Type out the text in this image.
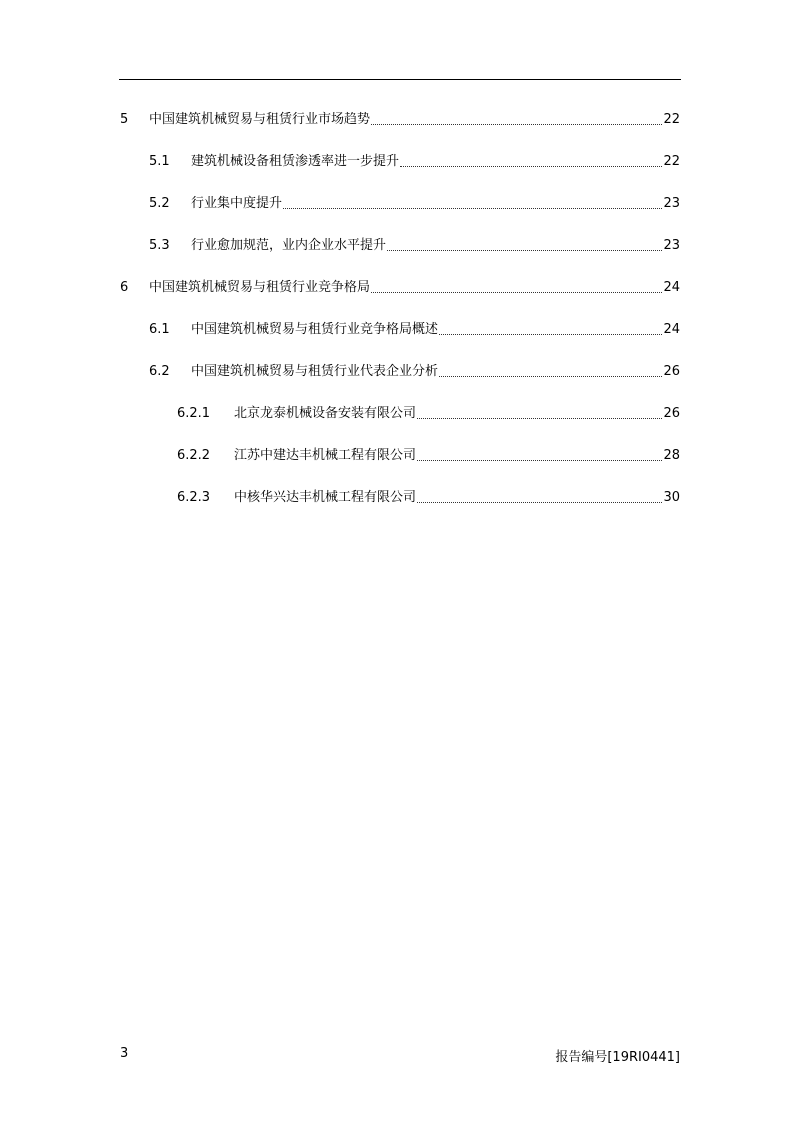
5	中国建筑机械贸易与租赁行业市场趋势	22
5.1	建筑机械设备租赁渗透率进一步提升	22
5.2	行业集中度提升	23
5.3	行业愈加规范，业内企业水平提升	23
6	中国建筑机械贸易与租赁行业竞争格局	24
6.1	中国建筑机械贸易与租赁行业竞争格局概述	24
6.2	中国建筑机械贸易与租赁行业代表企业分析	26
6.2.1	北京龙泰机械设备安装有限公司	26
6.2.2	江苏中建达丰机械工程有限公司	28
6.2.3	中核华兴达丰机械工程有限公司	30
3	报告编号[19RI0441]
